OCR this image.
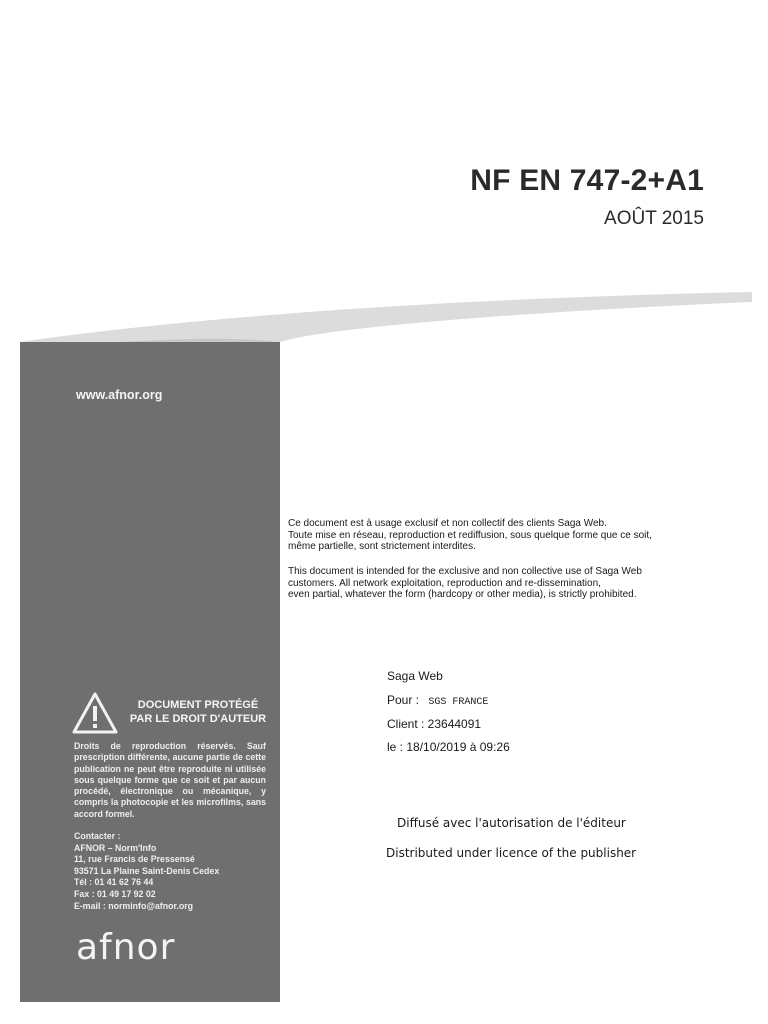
NF EN 747-2+A1
AOÛT 2015
www.afnor.org
DOCUMENT PROTÉGÉ
PAR LE DROIT D'AUTEUR
Droits de reproduction réservés. Sauf prescription différente, aucune partie de cette publication ne peut être reproduite ni utilisée sous quelque forme que ce soit et par aucun procédé, électronique ou mécanique, y compris la photocopie et les microfilms, sans accord formel.
Contacter :
AFNOR – Norm'Info
11, rue Francis de Pressensé
93571 La Plaine Saint-Denis Cedex
Tél : 01 41 62 76 44
Fax : 01 49 17 92 02
E-mail : norminfo@afnor.org
afnor
Ce document est à usage exclusif et non collectif des clients Saga Web.
Toute mise en réseau, reproduction et rediffusion, sous quelque forme que ce soit,
même partielle, sont strictement interdites.
This document is intended for the exclusive and non collective use of Saga Web
customers. All network exploitation, reproduction and re-dissemination,
even partial, whatever the form (hardcopy or other media), is strictly prohibited.
Saga Web
Pour : SGS FRANCE
Client : 23644091
le : 18/10/2019 à 09:26
Diffusé avec l'autorisation de l'éditeur
Distributed under licence of the publisher
